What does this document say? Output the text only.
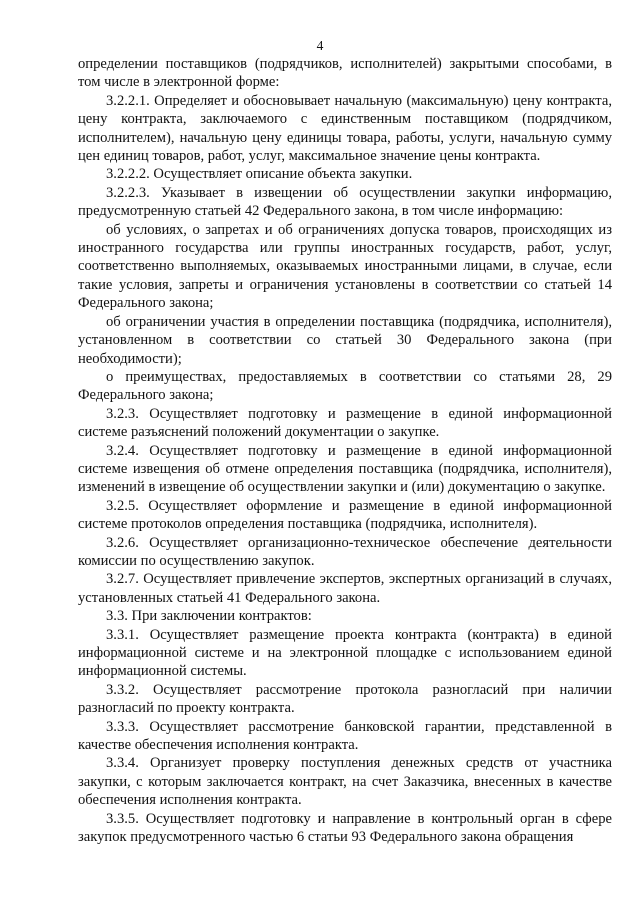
4

определении поставщиков (подрядчиков, исполнителей) закрытыми способами, в том числе в электронной форме:

3.2.2.1. Определяет и обосновывает начальную (максимальную) цену контракта, цену контракта, заключаемого с единственным поставщиком (подрядчиком, исполнителем), начальную цену единицы товара, работы, услуги, начальную сумму цен единиц товаров, работ, услуг, максимальное значение цены контракта.

3.2.2.2. Осуществляет описание объекта закупки.

3.2.2.3. Указывает в извещении об осуществлении закупки информацию, предусмотренную статьей 42 Федерального закона, в том числе информацию:

об условиях, о запретах и об ограничениях допуска товаров, происходящих из иностранного государства или группы иностранных государств, работ, услуг, соответственно выполняемых, оказываемых иностранными лицами, в случае, если такие условия, запреты и ограничения установлены в соответствии со статьей 14 Федерального закона;

об ограничении участия в определении поставщика (подрядчика, исполнителя), установленном в соответствии со статьей 30 Федерального закона (при необходимости);

о преимуществах, предоставляемых в соответствии со статьями 28, 29 Федерального закона;

3.2.3. Осуществляет подготовку и размещение в единой информационной системе разъяснений положений документации о закупке.

3.2.4. Осуществляет подготовку и размещение в единой информационной системе извещения об отмене определения поставщика (подрядчика, исполнителя), изменений в извещение об осуществлении закупки и (или) документацию о закупке.

3.2.5. Осуществляет оформление и размещение в единой информационной системе протоколов определения поставщика (подрядчика, исполнителя).

3.2.6. Осуществляет организационно-техническое обеспечение деятельности комиссии по осуществлению закупок.

3.2.7. Осуществляет привлечение экспертов, экспертных организаций в случаях, установленных статьей 41 Федерального закона.

3.3. При заключении контрактов:

3.3.1. Осуществляет размещение проекта контракта (контракта) в единой информационной системе и на электронной площадке с использованием единой информационной системы.

3.3.2. Осуществляет рассмотрение протокола разногласий при наличии разногласий по проекту контракта.

3.3.3. Осуществляет рассмотрение банковской гарантии, представленной в качестве обеспечения исполнения контракта.

3.3.4. Организует проверку поступления денежных средств от участника закупки, с которым заключается контракт, на счет Заказчика, внесенных в качестве обеспечения исполнения контракта.

3.3.5. Осуществляет подготовку и направление в контрольный орган в сфере закупок предусмотренного частью 6 статьи 93 Федерального закона обращения
